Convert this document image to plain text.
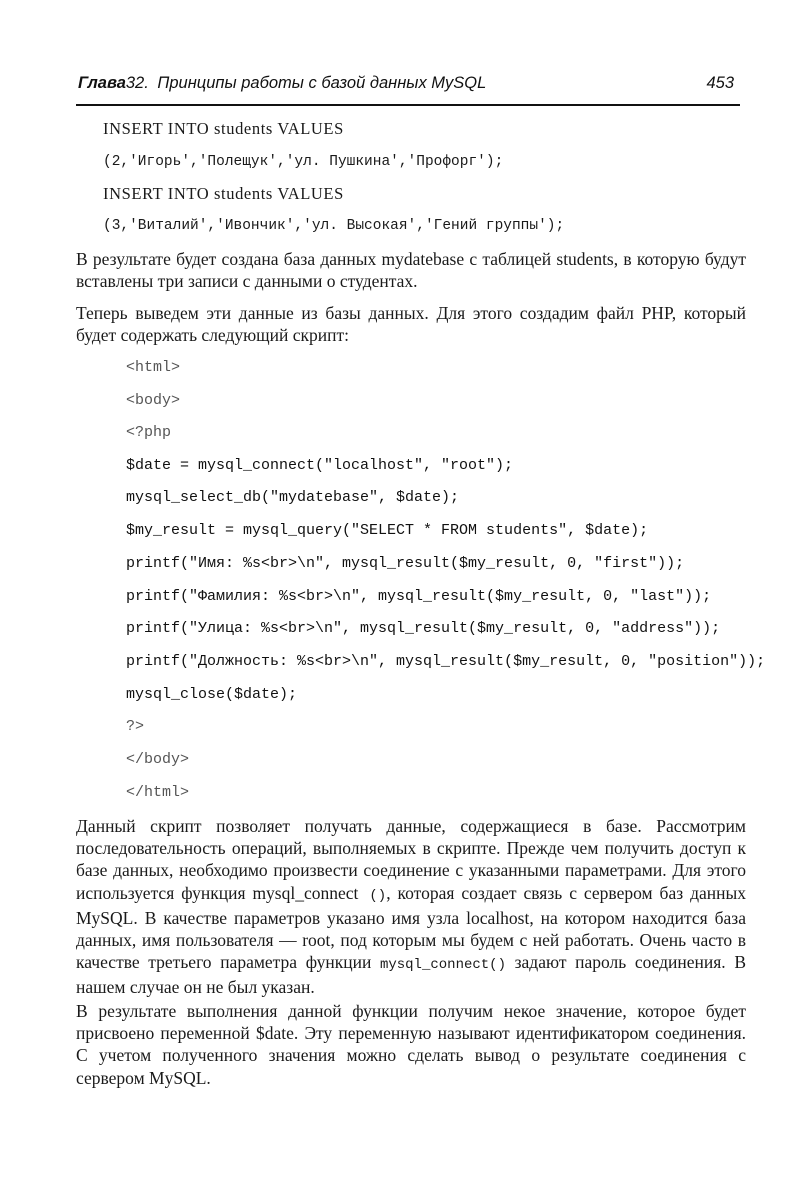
Глава32. Принципы работы с базой данных MySQL	453
INSERT INTO students VALUES
(2,'Игорь','Полещук','ул. Пушкина','Профорг');
INSERT INTO students VALUES
(3,'Виталий','Ивончик','ул. Высокая','Гений группы');
В результате будет создана база данных mydatebase с таблицей students, в которую будут вставлены три записи с данными о студентах.
Теперь выведем эти данные из базы данных. Для этого создадим файл PHP, который будет содержать следующий скрипт:
<html>
<body>
<?php
$date = mysql_connect("localhost", "root");
mysql_select_db("mydatebase", $date);
$my_result = mysql_query("SELECT * FROM students", $date);
printf("Имя: %s<br>\n", mysql_result($my_result, 0, "first"));
printf("Фамилия: %s<br>\n", mysql_result($my_result, 0, "last"));
printf("Улица: %s<br>\n", mysql_result($my_result, 0, "address"));
printf("Должность: %s<br>\n", mysql_result($my_result, 0, "position"));
mysql_close($date);
?>
</body>
</html>
Данный скрипт позволяет получать данные, содержащиеся в базе. Рассмотрим последовательность операций, выполняемых в скрипте. Прежде чем получить доступ к базе данных, необходимо произвести соединение с указанными параметрами. Для этого используется функция mysql_connect (), которая создает связь с сервером баз данных MySQL. В качестве параметров указано имя узла localhost, на котором находится база данных, имя пользователя — root, под которым мы будем с ней работать. Очень часто в качестве третьего параметра функции mysql_connect() задают пароль соединения. В нашем случае он не был указан.
В результате выполнения данной функции получим некое значение, которое будет присвоено переменной $date. Эту переменную называют идентификатором соединения. С учетом полученного значения можно сделать вывод о результате соединения с сервером MySQL.
